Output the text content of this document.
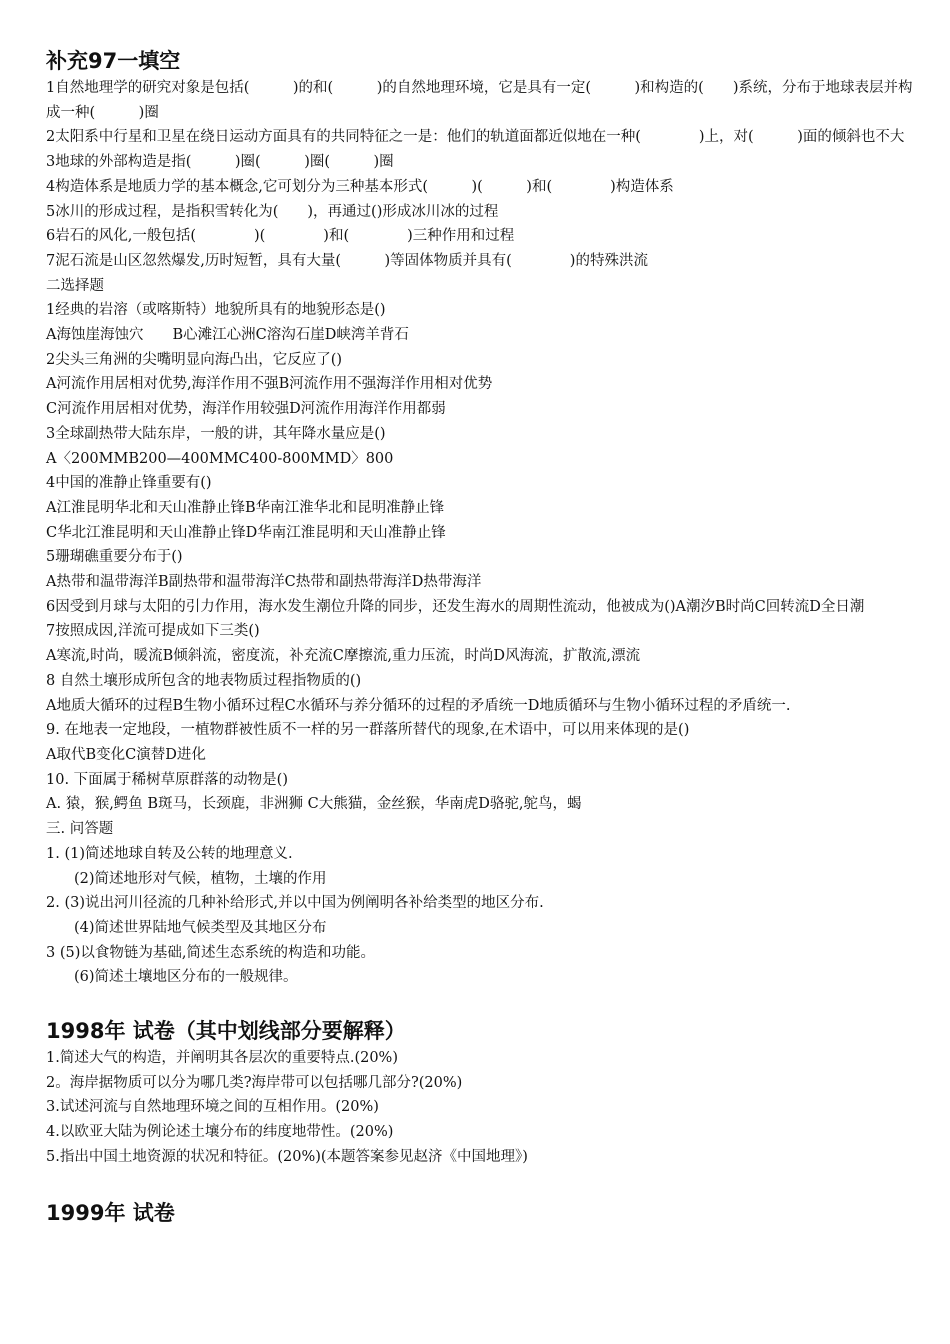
补充97一填空

1自然地理学的研究对象是包括(　　　)的和(　　　)的自然地理环境，它是具有一定(　　　)和构造的(　　)系统，分布于地球表层并构成一种(　　　)圈

2太阳系中行星和卫星在绕日运动方面具有的共同特征之一是：他们的轨道面都近似地在一种(　　　　)上，对(　　　)面的倾斜也不大

3地球的外部构造是指(　　　)圈(　　　)圈(　　　)圈

4构造体系是地质力学的基本概念,它可划分为三种基本形式(　　　)(　　　)和(　　　　)构造体系

5冰川的形成过程，是指积雪转化为(　　)，再通过()形成冰川冰的过程

6岩石的风化,一般包括(　　　　)(　　　　)和(　　　　)三种作用和过程

7泥石流是山区忽然爆发,历时短暂，具有大量(　　　)等固体物质并具有(　　　　)的特殊洪流

二选择题

1经典的岩溶（或喀斯特）地貌所具有的地貌形态是()

A海蚀崖海蚀穴　　B心滩江心洲C溶沟石崖D峡湾羊背石

2尖头三角洲的尖嘴明显向海凸出，它反应了()

A河流作用居相对优势,海洋作用不强B河流作用不强海洋作用相对优势

C河流作用居相对优势，海洋作用较强D河流作用海洋作用都弱

3全球副热带大陆东岸，一般的讲，其年降水量应是()

A〈200MMB200—400MMC400-800MMD〉800

4中国的准静止锋重要有()

A江淮昆明华北和天山准静止锋B华南江淮华北和昆明准静止锋

C华北江淮昆明和天山准静止锋D华南江淮昆明和天山准静止锋

5珊瑚礁重要分布于()

A热带和温带海洋B副热带和温带海洋C热带和副热带海洋D热带海洋

6因受到月球与太阳的引力作用，海水发生潮位升降的同步，还发生海水的周期性流动，他被成为()A潮汐B时尚C回转流D全日潮

7按照成因,洋流可提成如下三类()

A寒流,时尚，暖流B倾斜流，密度流，补充流C摩擦流,重力压流，时尚D风海流，扩散流,漂流

8 自然土壤形成所包含的地表物质过程指物质的()

A地质大循环的过程B生物小循环过程C水循环与养分循环的过程的矛盾统一D地质循环与生物小循环过程的矛盾统一.

9. 在地表一定地段，一植物群被性质不一样的另一群落所替代的现象,在术语中，可以用来体现的是()

A取代B变化C演替D进化

10. 下面属于稀树草原群落的动物是()

A. 猿，猴,鳄鱼 B斑马，长颈鹿，非洲狮 C大熊猫，金丝猴，华南虎D骆驼,鸵鸟，蝎

三. 问答题

1. (1)简述地球自转及公转的地理意义.

(2)简述地形对气候，植物，土壤的作用

2. (3)说出河川径流的几种补给形式,并以中国为例阐明各补给类型的地区分布.

(4)简述世界陆地气候类型及其地区分布

3 (5)以食物链为基础,简述生态系统的构造和功能。

(6)简述土壤地区分布的一般规律。

1998年 试卷（其中划线部分要解释）

1.简述大气的构造，并阐明其各层次的重要特点.(20%)

2。海岸据物质可以分为哪几类?海岸带可以包括哪几部分?(20%)

3.试述河流与自然地理环境之间的互相作用。(20%)

4.以欧亚大陆为例论述土壤分布的纬度地带性。(20%)

5.指出中国土地资源的状况和特征。(20%)(本题答案参见赵济《中国地理》)

1999年 试卷
